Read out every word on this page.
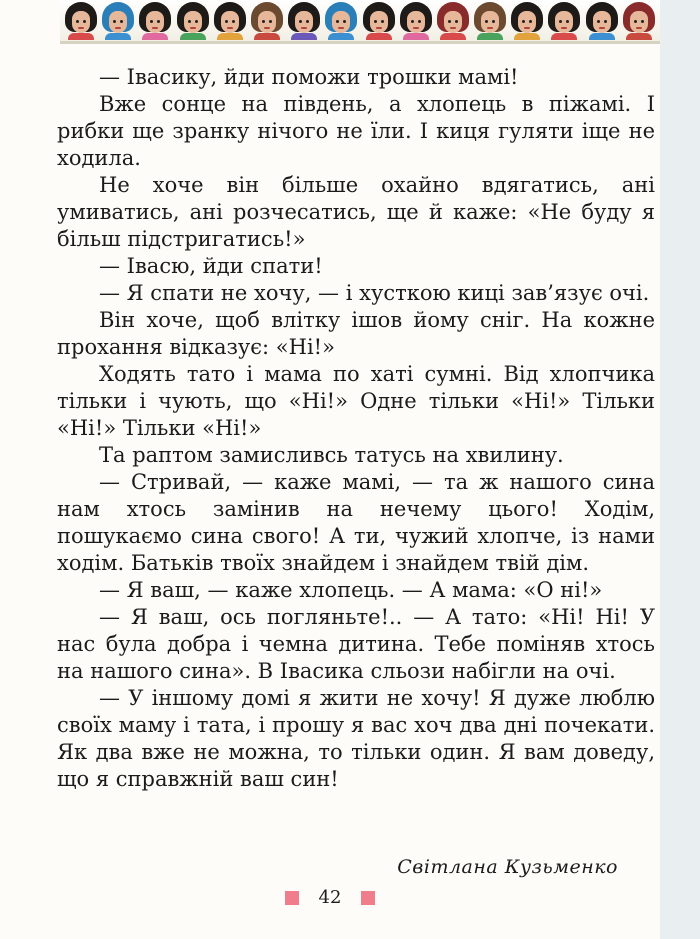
— Івасику, йди поможи трошки мамі!

Вже сонце на південь, а хлопець в піжамі. І рибки ще зранку нічого не їли. І киця гуляти іще не ходила.

Не хоче він більше охайно вдягатись, ані умиватись, ані розчесатись, ще й каже: «Не буду я більш підстригатись!»

— Івасю, йди спати!

— Я спати не хочу, — і хусткою киці зав’язує очі.

Він хоче, щоб влітку ішов йому сніг. На кожне прохання відказує: «Ні!»

Ходять тато і мама по хаті сумні. Від хлопчика тільки і чують, що «Ні!» Одне тільки «Ні!» Тільки «Ні!» Тільки «Ні!»

Та раптом замисливсь татусь на хвилину.

— Стривай, — каже мамі, — та ж нашого сина нам хтось замінив на нечему цього! Ходім, пошукаємо сина свого! А ти, чужий хлопче, із нами ходім. Батьків твоїх знайдем і знайдем твій дім.

— Я ваш, — каже хлопець. — А мама: «О ні!»

— Я ваш, ось погляньте!.. — А тато: «Ні! Ні! У нас була добра і чемна дитина. Тебе поміняв хтось на нашого сина». В Івасика сльози набігли на очі.

— У іншому домі я жити не хочу! Я дуже люблю своїх маму і тата, і прошу я вас хоч два дні почекати. Як два вже не можна, то тільки один. Я вам доведу, що я справжній ваш син!

Світлана Кузьменко
42
